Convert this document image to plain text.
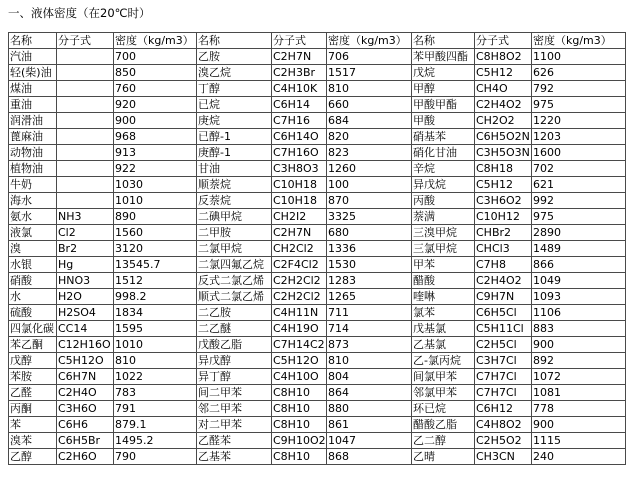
一、液体密度（在20℃时）
名称	分子式	密度（kg/m3）	名称	分子式	密度（kg/m3）	名称	分子式	密度（kg/m3）
汽油		700	乙胺	C2H7N	706	苯甲酸四酯	C8H8O2	1100
轻(柴)油		850	溴乙烷	C2H3Br	1517	戊烷	C5H12	626
煤油		760	丁醇	C4H10K	810	甲醇	CH4O	792
重油		920	已烷	C6H14	660	甲酸甲酯	C2H4O2	975
润滑油		900	庚烷	C7H16	684	甲酸	CH2O2	1220
蓖麻油		968	已醇-1	C6H14O	820	硝基苯	C6H5O2N	1203
动物油		913	庚醇-1	C7H16O	823	硝化甘油	C3H5O3N	1600
植物油		922	甘油	C3H8O3	1260	辛烷	C8H18	702
牛奶		1030	顺萘烷	C10H18	100	异戊烷	C5H12	621
海水		1010	反萘烷	C10H18	870	丙酸	C3H6O2	992
氨水	NH3	890	二碘甲烷	CH2I2	3325	萘满	C10H12	975
液氯	Cl2	1560	二甲胺	C2H7N	680	三溴甲烷	CHBr2	2890
溴	Br2	3120	二氯甲烷	CH2Cl2	1336	三氯甲烷	CHCl3	1489
水银	Hg	13545.7	二氯四氟乙烷	C2F4Cl2	1530	甲苯	C7H8	866
硝酸	HNO3	1512	反式二氯乙烯	C2H2Cl2	1283	醋酸	C2H4O2	1049
水	H2O	998.2	顺式二氯乙烯	C2H2Cl2	1265	喹啉	C9H7N	1093
硫酸	H2SO4	1834	二乙胺	C4H11N	711	氯苯	C6H5Cl	1106
四氯化碳	CC14	1595	二乙醚	C4H19O	714	戊基氯	C5H11Cl	883
苯乙酮	C12H16O	1010	戊酸乙脂	C7H14C2	873	乙基氯	C2H5Cl	900
戊醇	C5H12O	810	异戊醇	C5H12O	810	乙-氯丙烷	C3H7Cl	892
苯胺	C6H7N	1022	异丁醇	C4H10O	804	间氯甲苯	C7H7Cl	1072
乙醛	C2H4O	783	间二甲苯	C8H10	864	邻氯甲苯	C7H7Cl	1081
丙酮	C3H6O	791	邻二甲苯	C8H10	880	环已烷	C6H12	778
苯	C6H6	879.1	对二甲苯	C8H10	861	醋酸乙脂	C4H8O2	900
溴苯	C6H5Br	1495.2	乙醛苯	C9H10O2	1047	乙二醇	C2H5O2	1115
乙醇	C2H6O	790	乙基苯	C8H10	868	乙晴	CH3CN	240
